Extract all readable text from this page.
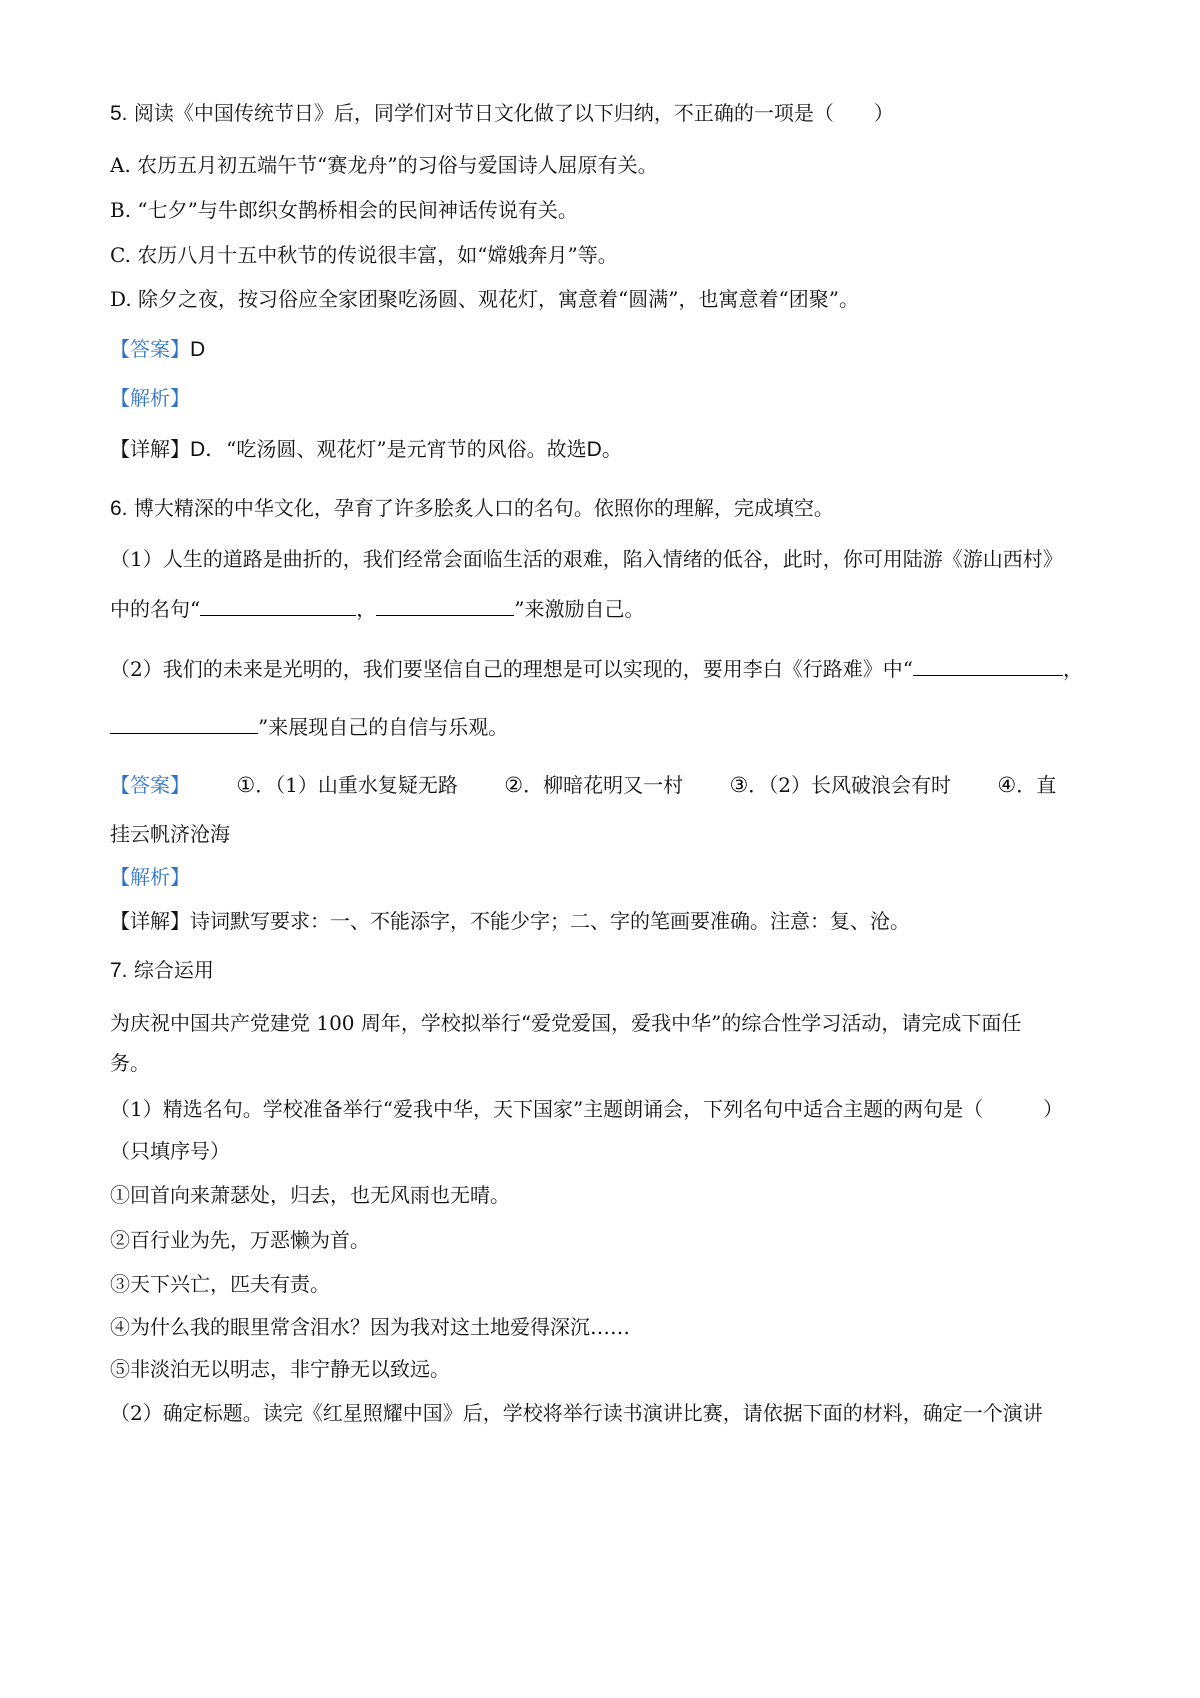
5. 阅读《中国传统节日》后，同学们对节日文化做了以下归纳，不正确的一项是（　　）
A. 农历五月初五端午节“赛龙舟”的习俗与爱国诗人屈原有关。
B. “七夕”与牛郎织女鹊桥相会的民间神话传说有关。
C. 农历八月十五中秋节的传说很丰富，如“嫦娥奔月”等。
D. 除夕之夜，按习俗应全家团聚吃汤圆、观花灯，寓意着“圆满”，也寓意着“团聚”。
【答案】D
【解析】
【详解】D．“吃汤圆、观花灯”是元宵节的风俗。故选D。
6. 博大精深的中华文化，孕育了许多脍炙人口的名句。依照你的理解，完成填空。
（1）人生的道路是曲折的，我们经常会面临生活的艰难，陷入情绪的低谷，此时，你可用陆游《游山西村》
中的名句“	，	”来激励自己。
（2）我们的未来是光明的，我们要坚信自己的理想是可以实现的，要用李白《行路难》中“	，
”来展现自己的自信与乐观。
【答案】 ①．（1）山重水复疑无路 ②．柳暗花明又一村 ③．（2）长风破浪会有时 ④．直
挂云帆济沧海
【解析】
【详解】诗词默写要求：一、不能添字，不能少字；二、字的笔画要准确。注意：复、沧。
7. 综合运用
为庆祝中国共产党建党 100 周年，学校拟举行“爱党爱国，爱我中华”的综合性学习活动，请完成下面任
务。
（1）精选名句。学校准备举行“爱我中华，天下国家”主题朗诵会，下列名句中适合主题的两句是（　　　）
（只填序号）
①回首向来萧瑟处，归去，也无风雨也无晴。
②百行业为先，万恶懒为首。
③天下兴亡，匹夫有责。
④为什么我的眼里常含泪水？因为我对这土地爱得深沉……
⑤非淡泊无以明志，非宁静无以致远。
（2）确定标题。读完《红星照耀中国》后，学校将举行读书演讲比赛，请依据下面的材料，确定一个演讲
